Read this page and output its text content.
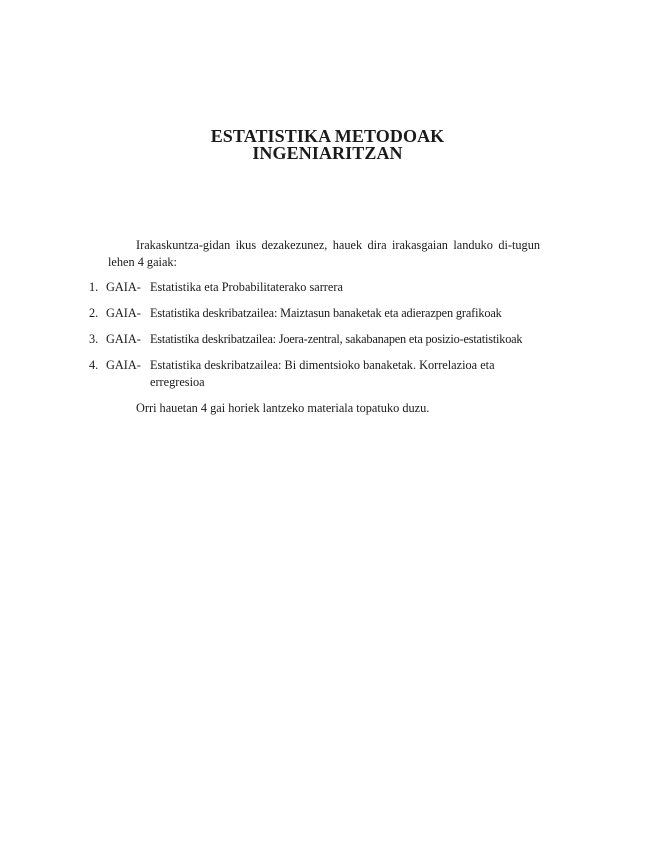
ESTATISTIKA METODOAK
INGENIARITZAN
Irakaskuntza-gidan ikus dezakezunez, hauek dira irakasgaian landuko di-tugun lehen 4 gaiak:
1. GAIA- Estatistika eta Probabilitaterako sarrera
2. GAIA- Estatistika deskribatzailea: Maiztasun banaketak eta adierazpen grafikoak
3. GAIA- Estatistika deskribatzailea: Joera-zentral, sakabanapen eta posizio-estatistikoak
4. GAIA- Estatistika deskribatzailea: Bi dimentsioko banaketak. Korrelazioa eta erregresioa
Orri hauetan 4 gai horiek lantzeko materiala topatuko duzu.
